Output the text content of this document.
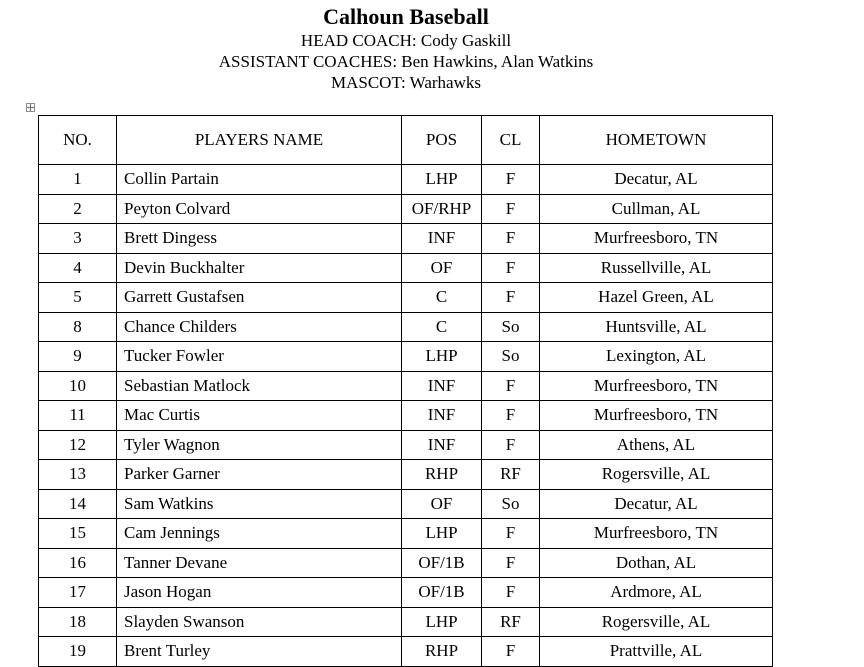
Calhoun Baseball
HEAD COACH: Cody Gaskill
ASSISTANT COACHES: Ben Hawkins, Alan Watkins
MASCOT: Warhawks
NO.	PLAYERS NAME	POS	CL	HOMETOWN
1	Collin Partain	LHP	F	Decatur, AL
2	Peyton Colvard	OF/RHP	F	Cullman, AL
3	Brett Dingess	INF	F	Murfreesboro, TN
4	Devin Buckhalter	OF	F	Russellville, AL
5	Garrett Gustafsen	C	F	Hazel Green, AL
8	Chance Childers	C	So	Huntsville, AL
9	Tucker Fowler	LHP	So	Lexington, AL
10	Sebastian Matlock	INF	F	Murfreesboro, TN
11	Mac Curtis	INF	F	Murfreesboro, TN
12	Tyler Wagnon	INF	F	Athens, AL
13	Parker Garner	RHP	RF	Rogersville, AL
14	Sam Watkins	OF	So	Decatur, AL
15	Cam Jennings	LHP	F	Murfreesboro, TN
16	Tanner Devane	OF/1B	F	Dothan, AL
17	Jason Hogan	OF/1B	F	Ardmore, AL
18	Slayden Swanson	LHP	RF	Rogersville, AL
19	Brent Turley	RHP	F	Prattville, AL
